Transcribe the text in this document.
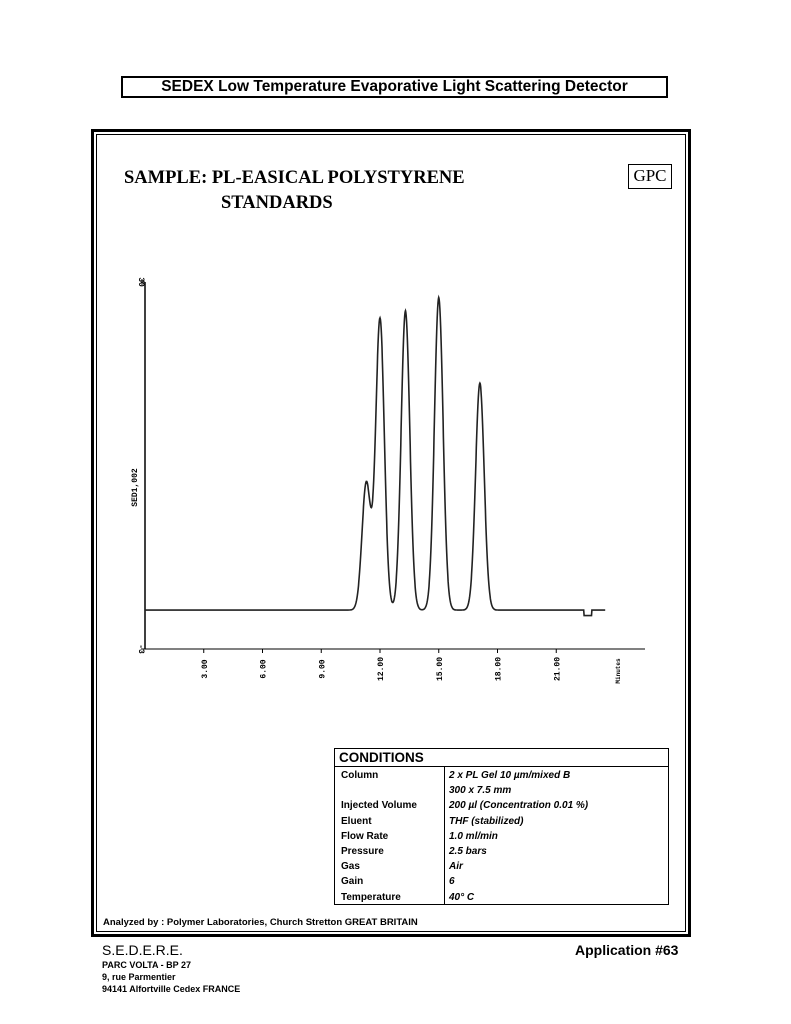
SEDEX Low Temperature Evaporative Light Scattering Detector
SAMPLE: PL-EASICAL POLYSTYRENE
STANDARDS
GPC
30
-3
SED1,002
3.00	6.00	9.00	12.00	15.00	18.00	21.00	Minutes
CONDITIONS
Column	2 x PL Gel 10 µm/mixed B
300 x 7.5 mm
Injected Volume	200 µl (Concentration 0.01 %)
Eluent	THF (stabilized)
Flow Rate	1.0 ml/min
Pressure	2.5 bars
Gas	Air
Gain	6
Temperature	40° C
Analyzed by : Polymer Laboratories, Church Stretton GREAT BRITAIN
S.E.D.E.R.E.
PARC VOLTA - BP 27
9, rue Parmentier
94141 Alfortville Cedex FRANCE
Application #63
